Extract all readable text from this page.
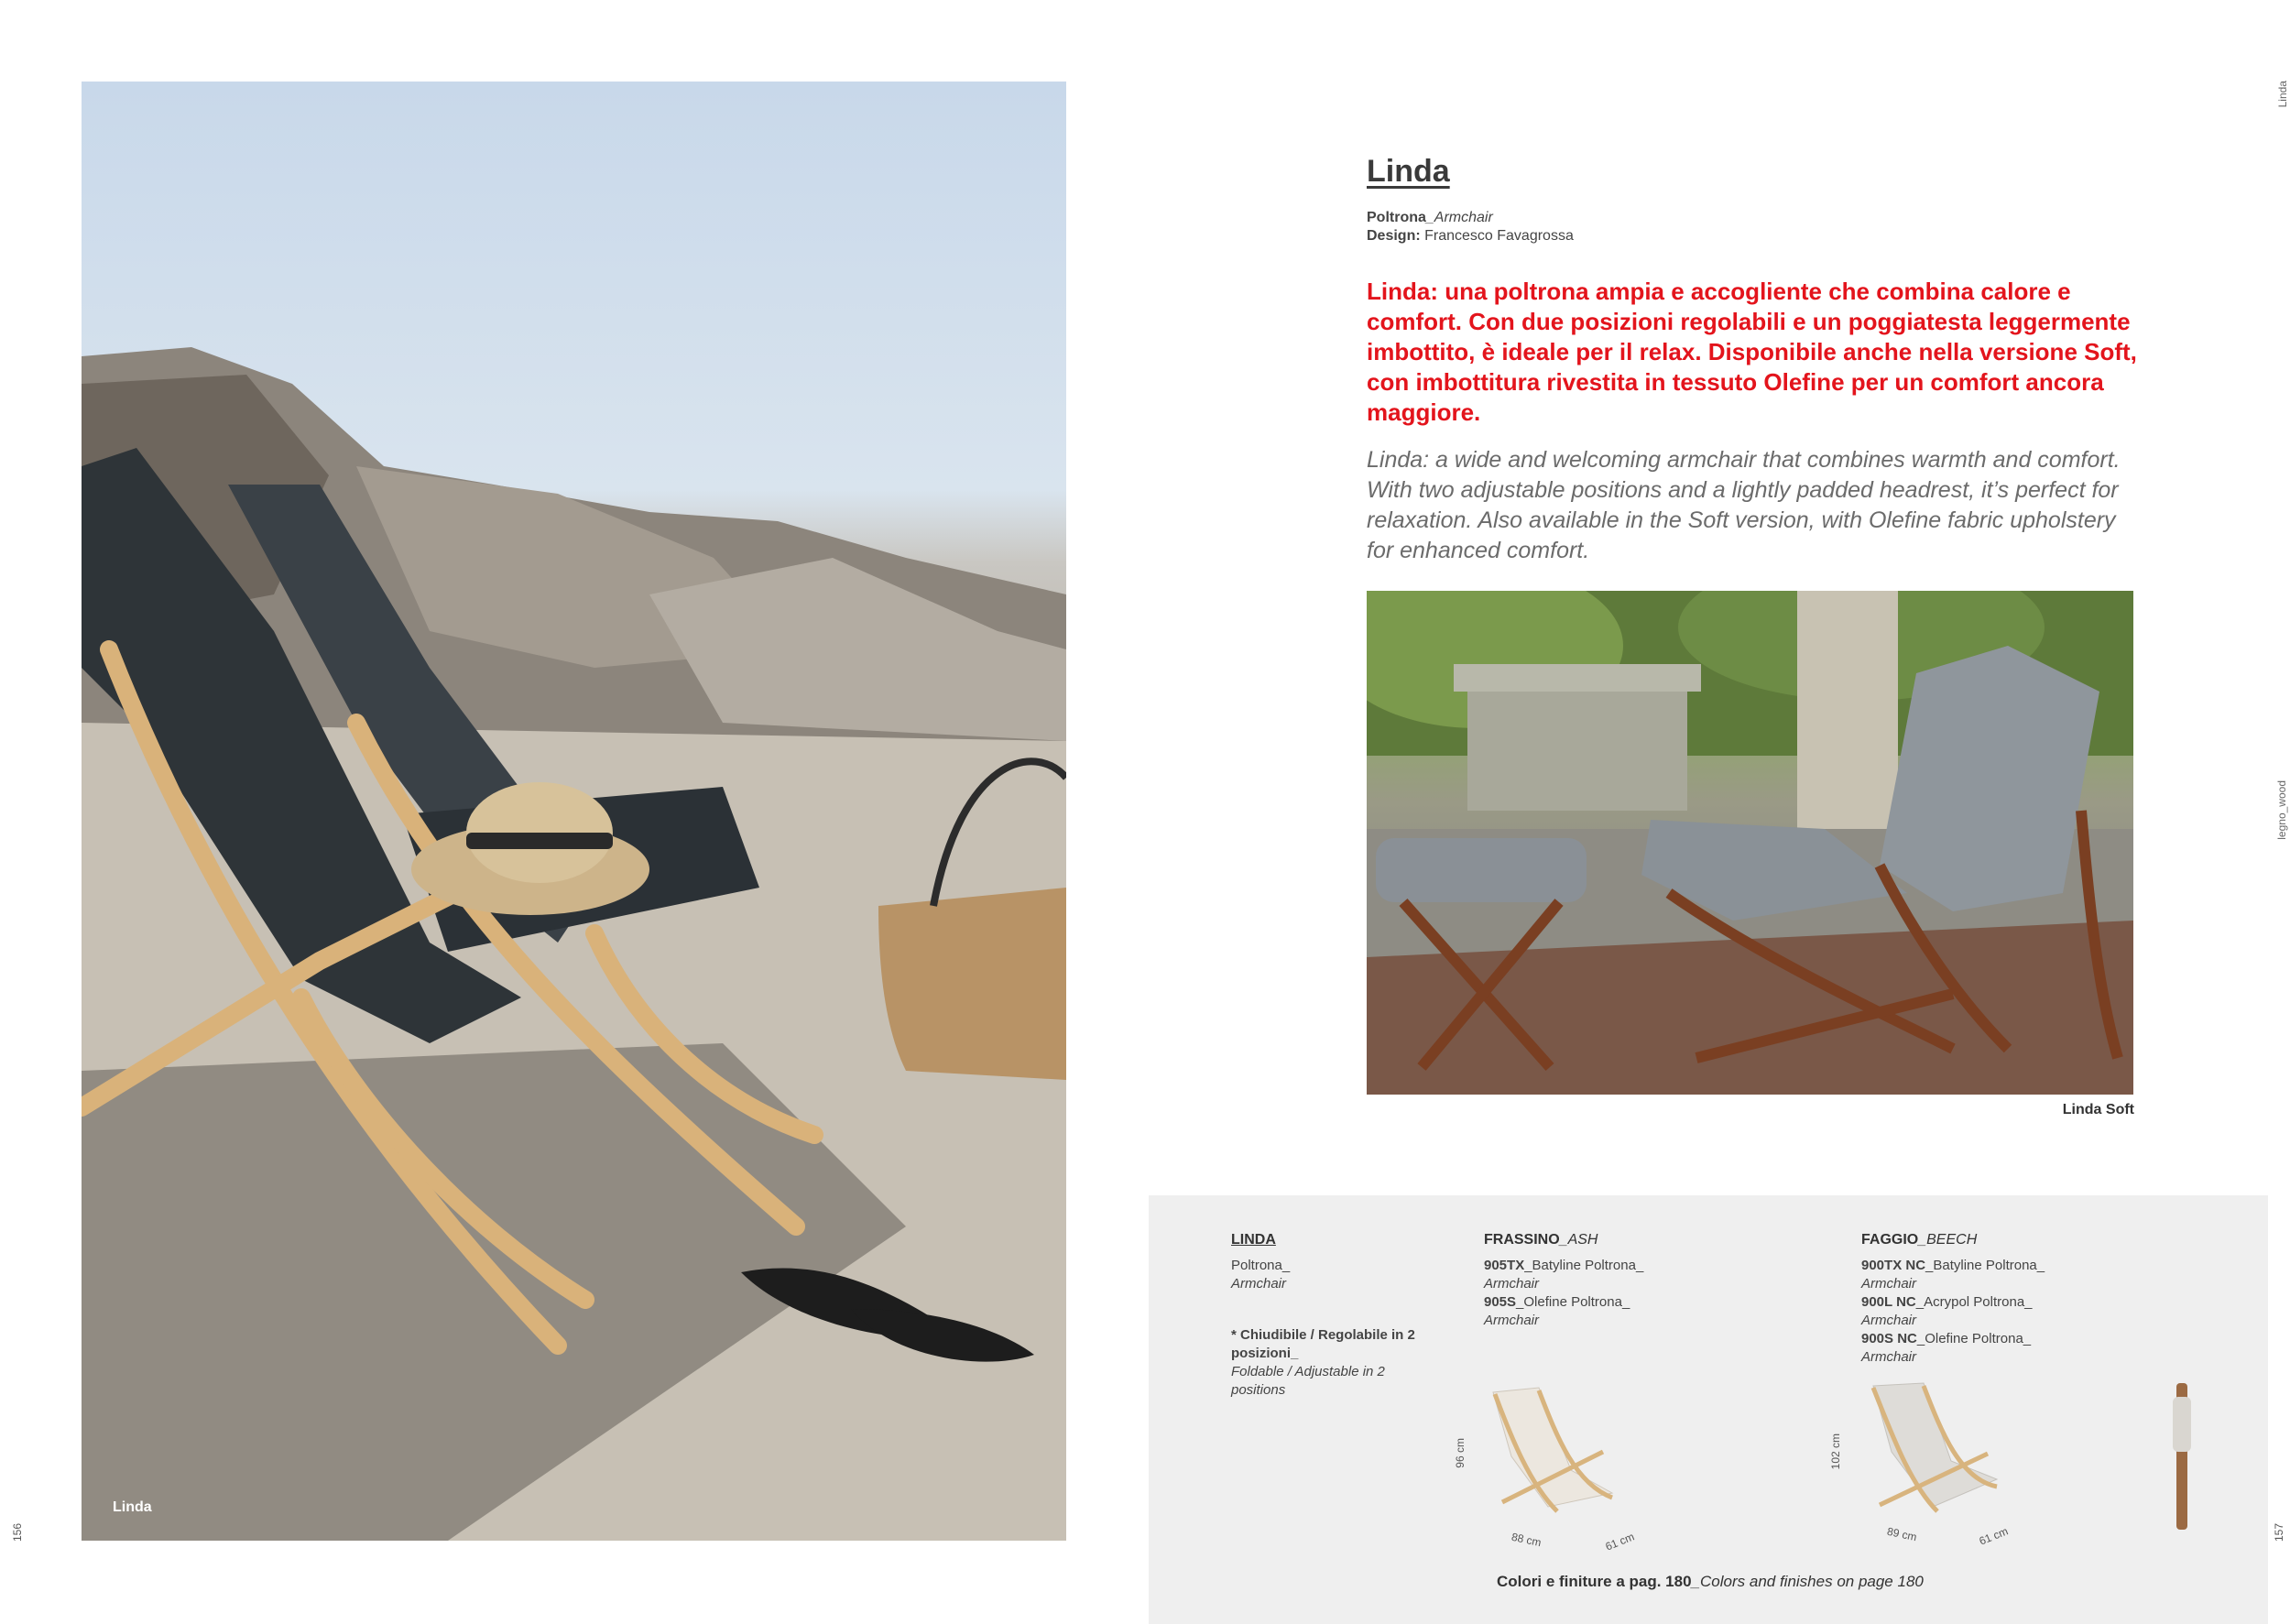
Linda
156
Linda
legno_wood
157
Linda
Poltrona_Armchair
Design: Francesco Favagrossa

Linda: una poltrona ampia e accogliente che combina calore e comfort. Con due posizioni regolabili e un poggiatesta leggermente imbottito, è ideale per il relax. Disponibile anche nella versione Soft, con imbottitura rivestita in tessuto Olefine per un comfort ancora maggiore.

Linda: a wide and welcoming armchair that combines warmth and comfort. With two adjustable positions and a lightly padded headrest, it’s perfect for relaxation. Also available in the Soft version, with Olefine fabric upholstery for enhanced comfort.

Linda Soft
LINDA
Poltrona_
Armchair
* Chiudibile / Regolabile in 2 posizioni_
Foldable / Adjustable in 2 positions
FRASSINO_ASH
905TX_Batyline Poltrona_
Armchair
905S_Olefine Poltrona_
Armchair
FAGGIO_BEECH
900TX NC_Batyline Poltrona_
Armchair
900L NC_Acrypol Poltrona_
Armchair
900S NC_Olefine Poltrona_
Armchair
96 cm
88 cm	61 cm
102 cm
89 cm	61 cm
Colori e finiture a pag. 180_Colors and finishes on page 180
